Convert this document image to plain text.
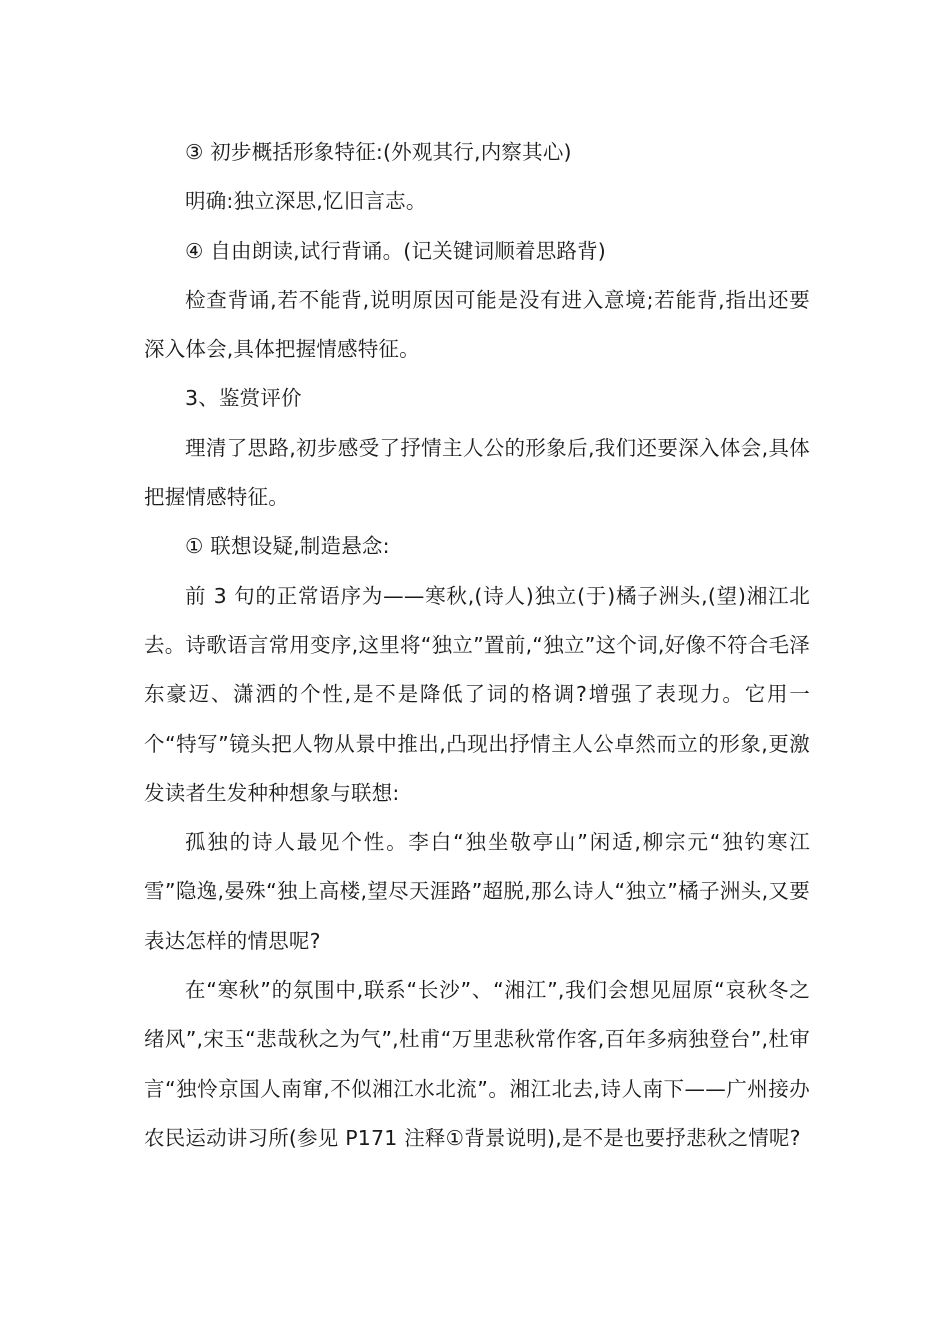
③ 初步概括形象特征:(外观其行,内察其心)

明确:独立深思,忆旧言志。

④ 自由朗读,试行背诵。(记关键词顺着思路背)

检查背诵,若不能背,说明原因可能是没有进入意境;若能背,指出还要深入体会,具体把握情感特征。

3、鉴赏评价

理清了思路,初步感受了抒情主人公的形象后,我们还要深入体会,具体把握情感特征。

① 联想设疑,制造悬念:

前 3 句的正常语序为——寒秋,(诗人)独立(于)橘子洲头,(望)湘江北去。诗歌语言常用变序,这里将“独立”置前,“独立”这个词,好像不符合毛泽东豪迈、潇洒的个性,是不是降低了词的格调?增强了表现力。它用一个“特写”镜头把人物从景中推出,凸现出抒情主人公卓然而立的形象,更激发读者生发种种想象与联想:

孤独的诗人最见个性。李白“独坐敬亭山”闲适,柳宗元“独钓寒江雪”隐逸,晏殊“独上高楼,望尽天涯路”超脱,那么诗人“独立”橘子洲头,又要表达怎样的情思呢?

在“寒秋”的氛围中,联系“长沙”、“湘江”,我们会想见屈原“哀秋冬之绪风”,宋玉“悲哉秋之为气”,杜甫“万里悲秋常作客,百年多病独登台”,杜审言“独怜京国人南窜,不似湘江水北流”。湘江北去,诗人南下——广州接办农民运动讲习所(参见 P171 注释①背景说明),是不是也要抒悲秋之情呢?
